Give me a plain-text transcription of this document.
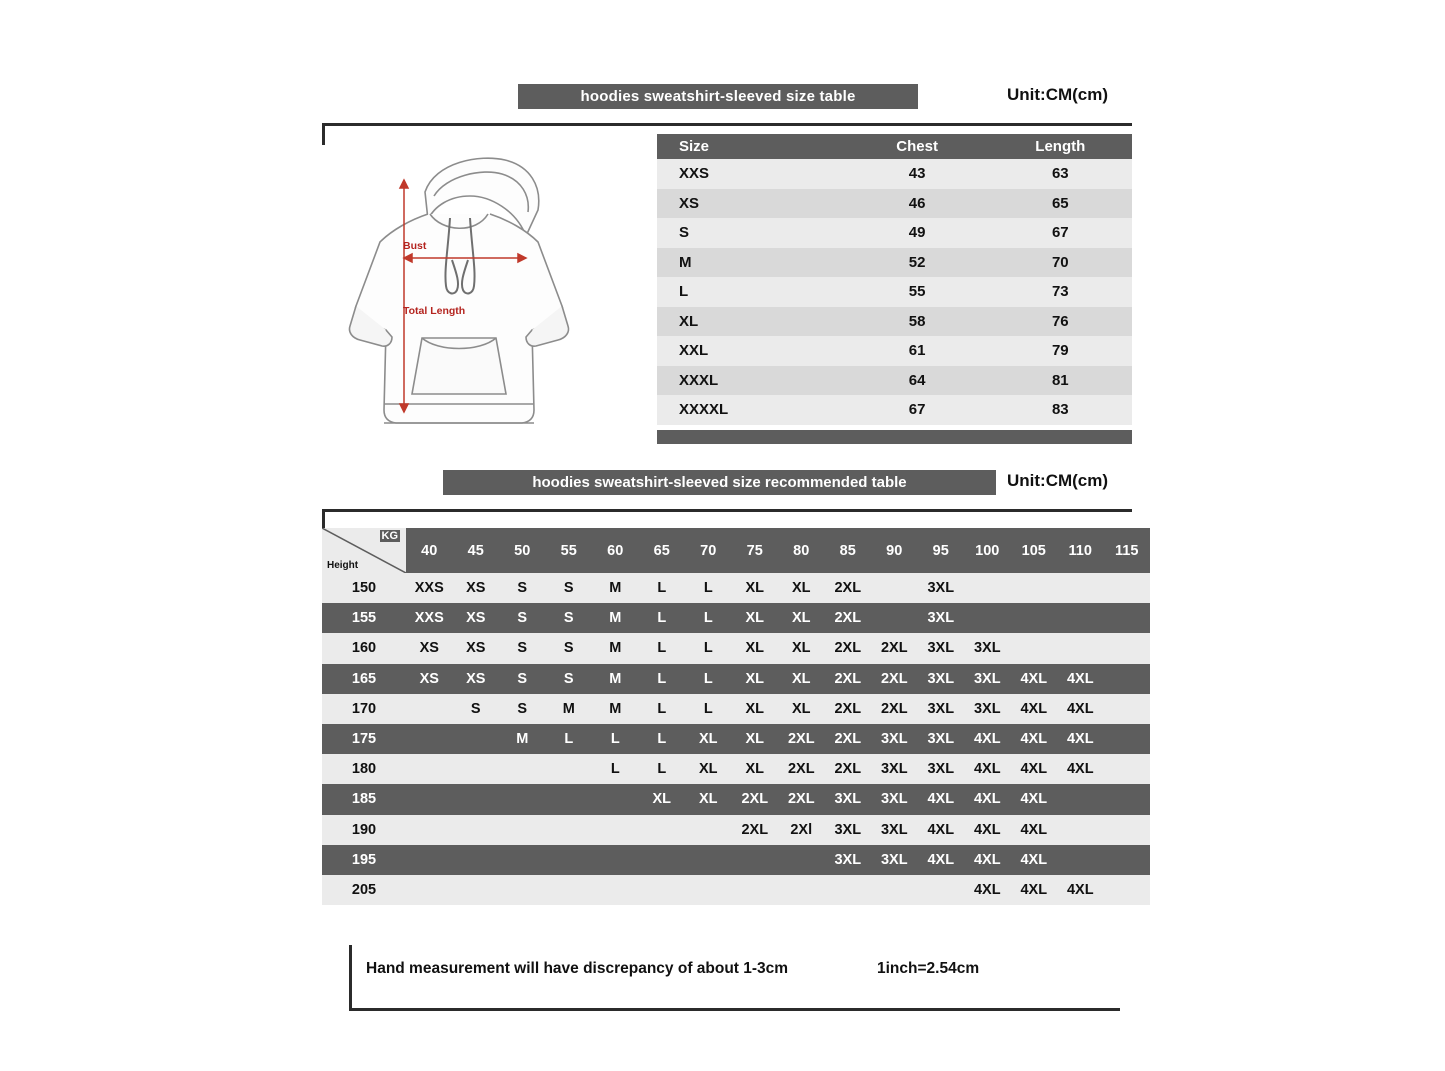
hoodies sweatshirt-sleeved size table	Unit:CM(cm)
Bust
Total Length
Size	Chest	Length
XXS	43	63
XS	46	65
S	49	67
M	52	70
L	55	73
XL	58	76
XXL	61	79
XXXL	64	81
XXXXL	67	83
hoodies sweatshirt-sleeved size recommended table	Unit:CM(cm)
KG
Height	40	45	50	55	60	65	70	75	80	85	90	95	100	105	110	115
150	XXS	XS	S	S	M	L	L	XL	XL	2XL		3XL				
155	XXS	XS	S	S	M	L	L	XL	XL	2XL		3XL				
160	XS	XS	S	S	M	L	L	XL	XL	2XL	2XL	3XL	3XL			
165	XS	XS	S	S	M	L	L	XL	XL	2XL	2XL	3XL	3XL	4XL	4XL	
170		S	S	M	M	L	L	XL	XL	2XL	2XL	3XL	3XL	4XL	4XL	
175			M	L	L	L	XL	XL	2XL	2XL	3XL	3XL	4XL	4XL	4XL	
180					L	L	XL	XL	2XL	2XL	3XL	3XL	4XL	4XL	4XL	
185						XL	XL	2XL	2XL	3XL	3XL	4XL	4XL	4XL		
190								2XL	2Xl	3XL	3XL	4XL	4XL	4XL		
195										3XL	3XL	4XL	4XL	4XL		
205													4XL	4XL	4XL	
Hand measurement will have discrepancy of about 1-3cm	1inch=2.54cm
